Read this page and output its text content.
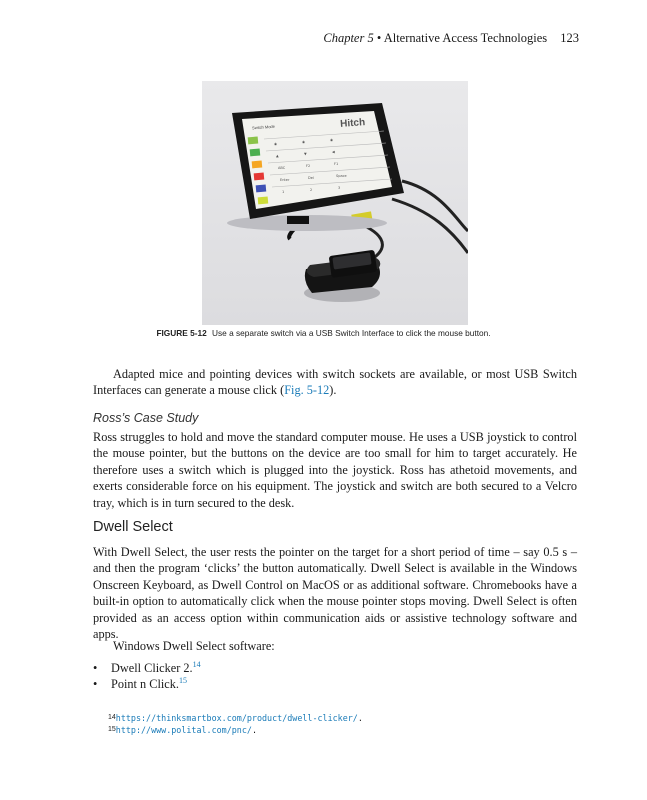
Chapter 5 • Alternative Access Technologies 123
◉	◉	◉
▲	▼	◀
ABC	F2	F1
Enter	Del	Space
1	2	3
Hitch
Switch Mode
FIGURE 5-12 Use a separate switch via a USB Switch Interface to click the mouse button.

Adapted mice and pointing devices with switch sockets are available, or most USB Switch Interfaces can generate a mouse click (Fig. 5-12).

Ross’s Case Study

Ross struggles to hold and move the standard computer mouse. He uses a USB joystick to control the mouse pointer, but the buttons on the device are too small for him to target accurately. He therefore uses a switch which is plugged into the joystick. Ross has athetoid movements, and exerts considerable force on his equipment. The joystick and switch are both secured to a Velcro tray, which is in turn secured to the desk.

Dwell Select

With Dwell Select, the user rests the pointer on the target for a short period of time – say 0.5 s – and then the program ‘clicks’ the button automatically. Dwell Select is available in the Windows Onscreen Keyboard, as Dwell Control on MacOS or as additional software. Chromebooks have a built-in option to automatically click when the mouse pointer stops moving. Dwell Select is often provided as an access option within communication aids or assistive technology software and apps.

Windows Dwell Select software:

• Dwell Clicker 2.14
• Point n Click.$^{15}$
$^{14}$https://thinksmartbox.com/product/dwell-clicker/.
$^{15}$http://www.polital.com/pnc/.
